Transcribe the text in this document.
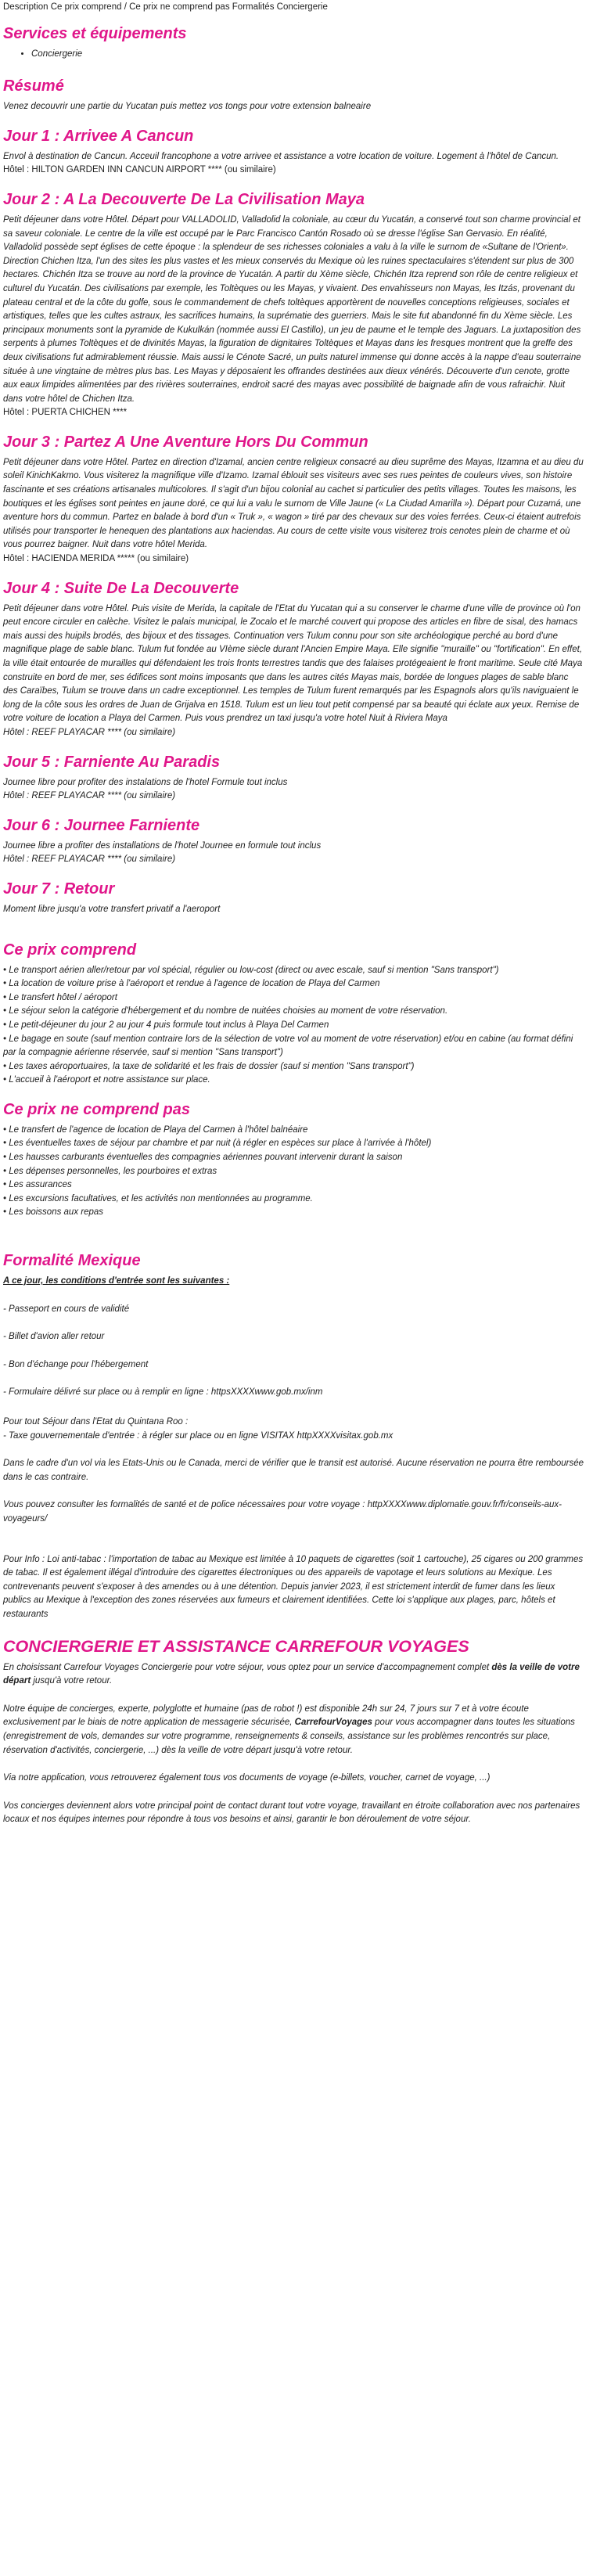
Description Ce prix comprend / Ce prix ne comprend pas Formalités Conciergerie
Services et équipements
• Conciergerie
Résumé

Venez decouvrir une partie du Yucatan puis mettez vos tongs pour votre extension balneaire

Jour 1 : Arrivee A Cancun

Envol à destination de Cancun. Acceuil francophone a votre arrivee et assistance a votre location de voiture. Logement à l'hôtel de Cancun.

Hôtel : HILTON GARDEN INN CANCUN AIRPORT **** (ou similaire)

Jour 2 : A La Decouverte De La Civilisation Maya

Petit déjeuner dans votre Hôtel. Départ pour VALLADOLID, Valladolid la coloniale, au cœur du Yucatán, a conservé tout son charme provincial et sa saveur coloniale. Le centre de la ville est occupé par le Parc Francisco Cantón Rosado où se dresse l'église San Gervasio. En réalité, Valladolid possède sept églises de cette époque : la splendeur de ses richesses coloniales a valu à la ville le surnom de «Sultane de l'Orient». Direction Chichen Itza, l'un des sites les plus vastes et les mieux conservés du Mexique où les ruines spectaculaires s'étendent sur plus de 300 hectares. Chichén Itza se trouve au nord de la province de Yucatán. A partir du Xème siècle, Chichén Itza reprend son rôle de centre religieux et culturel du Yucatán. Des civilisations par exemple, les Toltèques ou les Mayas, y vivaient. Des envahisseurs non Mayas, les Itzás, provenant du plateau central et de la côte du golfe, sous le commandement de chefs toltèques apportèrent de nouvelles conceptions religieuses, sociales et artistiques, telles que les cultes astraux, les sacrifices humains, la suprématie des guerriers. Mais le site fut abandonné fin du Xème siècle. Les principaux monuments sont la pyramide de Kukulkán (nommée aussi El Castillo), un jeu de paume et le temple des Jaguars. La juxtaposition des serpents à plumes Toltèques et de divinités Mayas, la figuration de dignitaires Toltèques et Mayas dans les fresques montrent que la greffe des deux civilisations fut admirablement réussie. Mais aussi le Cénote Sacré, un puits naturel immense qui donne accès à la nappe d'eau souterraine située à une vingtaine de mètres plus bas. Les Mayas y déposaient les offrandes destinées aux dieux vénérés. Découverte d'un cenote, grotte aux eaux limpides alimentées par des rivières souterraines, endroit sacré des mayas avec possibilité de baignade afin de vous rafraichir. Nuit dans votre hôtel de Chichen Itza.

Hôtel : PUERTA CHICHEN ****

Jour 3 : Partez A Une Aventure Hors Du Commun

Petit déjeuner dans votre Hôtel. Partez en direction d'Izamal, ancien centre religieux consacré au dieu suprême des Mayas, Itzamna et au dieu du soleil KinichKakmo. Vous visiterez la magnifique ville d'Izamo. Izamal éblouit ses visiteurs avec ses rues peintes de couleurs vives, son histoire fascinante et ses créations artisanales multicolores. Il s'agit d'un bijou colonial au cachet si particulier des petits villages. Toutes les maisons, les boutiques et les églises sont peintes en jaune doré, ce qui lui a valu le surnom de Ville Jaune (« La Ciudad Amarilla »). Départ pour Cuzamá, une aventure hors du commun. Partez en balade à bord d'un « Truk », « wagon » tiré par des chevaux sur des voies ferrées. Ceux-ci étaient autrefois utilisés pour transporter le henequen des plantations aux haciendas. Au cours de cette visite vous visiterez trois cenotes plein de charme et où vous pourrez baigner. Nuit dans votre hôtel Merida.

Hôtel : HACIENDA MERIDA ***** (ou similaire)

Jour 4 : Suite De La Decouverte

Petit déjeuner dans votre Hôtel. Puis visite de Merida, la capitale de l'Etat du Yucatan qui a su conserver le charme d'une ville de province où l'on peut encore circuler en calèche. Visitez le palais municipal, le Zocalo et le marché couvert qui propose des articles en fibre de sisal, des hamacs mais aussi des huipils brodés, des bijoux et des tissages. Continuation vers Tulum connu pour son site archéologique perché au bord d'une magnifique plage de sable blanc. Tulum fut fondée au VIème siècle durant l'Ancien Empire Maya. Elle signifie "muraille" ou "fortification". En effet, la ville était entourée de murailles qui défendaient les trois fronts terrestres tandis que des falaises protégeaient le front maritime. Seule cité Maya construite en bord de mer, ses édifices sont moins imposants que dans les autres cités Mayas mais, bordée de longues plages de sable blanc des Caraïbes, Tulum se trouve dans un cadre exceptionnel. Les temples de Tulum furent remarqués par les Espagnols alors qu'ils naviguaient le long de la côte sous les ordres de Juan de Grijalva en 1518. Tulum est un lieu tout petit compensé par sa beauté qui éclate aux yeux. Remise de votre voiture de location a Playa del Carmen. Puis vous prendrez un taxi jusqu'a votre hotel Nuit à Riviera Maya

Hôtel : REEF PLAYACAR **** (ou similaire)

Jour 5 : Farniente Au Paradis

Journee libre pour profiter des instalations de l'hotel Formule tout inclus

Hôtel : REEF PLAYACAR **** (ou similaire)

Jour 6 : Journee Farniente

Journee libre a profiter des installations de l'hotel Journee en formule tout inclus

Hôtel : REEF PLAYACAR **** (ou similaire)

Jour 7 : Retour

Moment libre jusqu'a votre transfert privatif a l'aeroport

Ce prix comprend

• Le transport aérien aller/retour par vol spécial, régulier ou low-cost (direct ou avec escale, sauf si mention "Sans transport")

• La location de voiture prise à l'aéroport et rendue à l'agence de location de Playa del Carmen

• Le transfert hôtel / aéroport

• Le séjour selon la catégorie d'hébergement et du nombre de nuitées choisies au moment de votre réservation.

• Le petit-déjeuner du jour 2 au jour 4 puis formule tout inclus à Playa Del Carmen

• Le bagage en soute (sauf mention contraire lors de la sélection de votre vol au moment de votre réservation) et/ou en cabine (au format défini par la compagnie aérienne réservée, sauf si mention "Sans transport")

• Les taxes aéroportuaires, la taxe de solidarité et les frais de dossier (sauf si mention "Sans transport")

• L'accueil à l'aéroport et notre assistance sur place.

Ce prix ne comprend pas

• Le transfert de l'agence de location de Playa del Carmen à l'hôtel balnéaire

• Les éventuelles taxes de séjour par chambre et par nuit (à régler en espèces sur place à l'arrivée à l'hôtel)

• Les hausses carburants éventuelles des compagnies aériennes pouvant intervenir durant la saison

• Les dépenses personnelles, les pourboires et extras

• Les assurances

• Les excursions facultatives, et les activités non mentionnées au programme.

• Les boissons aux repas

Formalité Mexique

A ce jour, les conditions d'entrée sont les suivantes :

- Passeport en cours de validité

- Billet d'avion aller retour

- Bon d'échange pour l'hébergement

- Formulaire délivré sur place ou à remplir en ligne : httpsXXXXwww.gob.mx/inm

Pour tout Séjour dans l'Etat du Quintana Roo :

- Taxe gouvernementale d'entrée : à régler sur place ou en ligne VISITAX httpXXXXvisitax.gob.mx

Dans le cadre d'un vol via les Etats-Unis ou le Canada, merci de vérifier que le transit est autorisé. Aucune réservation ne pourra être remboursée dans le cas contraire.

Vous pouvez consulter les formalités de santé et de police nécessaires pour votre voyage : httpXXXXwww.diplomatie.gouv.fr/fr/conseils-aux-voyageurs/

Pour Info : Loi anti-tabac : l'importation de tabac au Mexique est limitée à 10 paquets de cigarettes (soit 1 cartouche), 25 cigares ou 200 grammes de tabac. Il est également illégal d'introduire des cigarettes électroniques ou des appareils de vapotage et leurs solutions au Mexique. Les contrevenants peuvent s'exposer à des amendes ou à une détention. Depuis janvier 2023, il est strictement interdit de fumer dans les lieux publics au Mexique à l'exception des zones réservées aux fumeurs et clairement identifiées. Cette loi s'applique aux plages, parc, hôtels et restaurants

CONCIERGERIE ET ASSISTANCE CARREFOUR VOYAGES

En choisissant Carrefour Voyages Conciergerie pour votre séjour, vous optez pour un service d'accompagnement complet dès la veille de votre départ jusqu'à votre retour.

Notre équipe de concierges, experte, polyglotte et humaine (pas de robot !) est disponible 24h sur 24, 7 jours sur 7 et à votre écoute exclusivement par le biais de notre application de messagerie sécurisée, CarrefourVoyages pour vous accompagner dans toutes les situations (enregistrement de vols, demandes sur votre programme, renseignements & conseils, assistance sur les problèmes rencontrés sur place, réservation d'activités, conciergerie, ...) dès la veille de votre départ jusqu'à votre retour.

Via notre application, vous retrouverez également tous vos documents de voyage (e-billets, voucher, carnet de voyage, ...)

Vos concierges deviennent alors votre principal point de contact durant tout votre voyage, travaillant en étroite collaboration avec nos partenaires locaux et nos équipes internes pour répondre à tous vos besoins et ainsi, garantir le bon déroulement de votre séjour.
